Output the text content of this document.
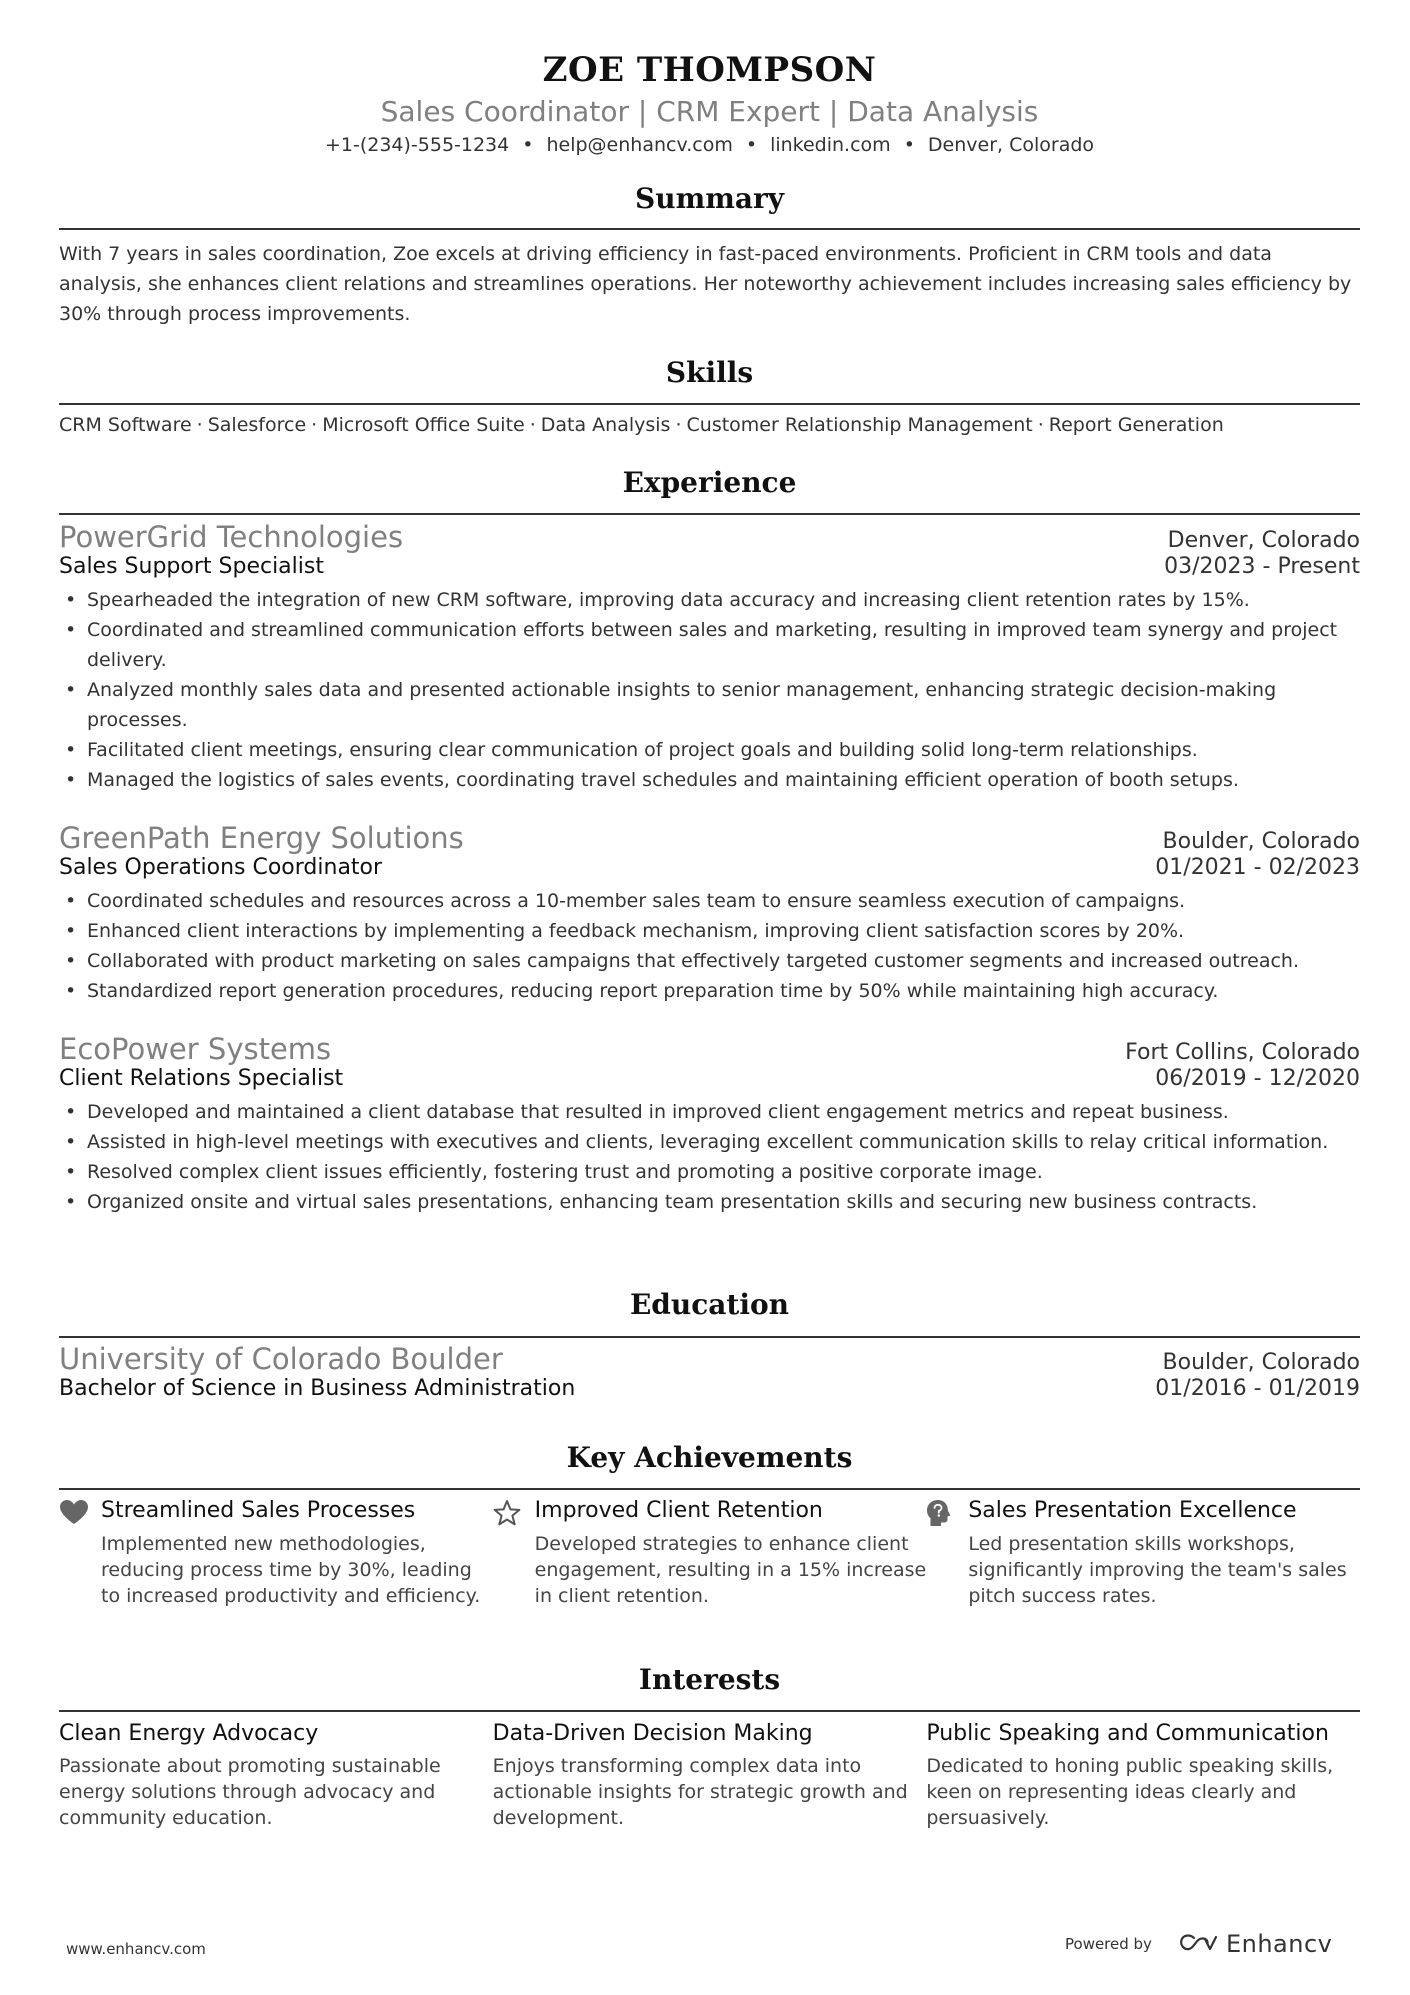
ZOE THOMPSON
Sales Coordinator | CRM Expert | Data Analysis
+1-(234)-555-1234 • help@enhancv.com • linkedin.com • Denver, Colorado
Summary
With 7 years in sales coordination, Zoe excels at driving efficiency in fast-paced environments. Proficient in CRM tools and data analysis, she enhances client relations and streamlines operations. Her noteworthy achievement includes increasing sales efficiency by 30% through process improvements.
Skills
CRM Software · Salesforce · Microsoft Office Suite · Data Analysis · Customer Relationship Management · Report Generation
Experience
PowerGrid Technologies	Denver, Colorado
Sales Support Specialist	03/2023 - Present
• Spearheaded the integration of new CRM software, improving data accuracy and increasing client retention rates by 15%.
• Coordinated and streamlined communication efforts between sales and marketing, resulting in improved team synergy and project delivery.
• Analyzed monthly sales data and presented actionable insights to senior management, enhancing strategic decision-making processes.
• Facilitated client meetings, ensuring clear communication of project goals and building solid long-term relationships.
• Managed the logistics of sales events, coordinating travel schedules and maintaining efficient operation of booth setups.
GreenPath Energy Solutions	Boulder, Colorado
Sales Operations Coordinator	01/2021 - 02/2023
• Coordinated schedules and resources across a 10-member sales team to ensure seamless execution of campaigns.
• Enhanced client interactions by implementing a feedback mechanism, improving client satisfaction scores by 20%.
• Collaborated with product marketing on sales campaigns that effectively targeted customer segments and increased outreach.
• Standardized report generation procedures, reducing report preparation time by 50% while maintaining high accuracy.
EcoPower Systems	Fort Collins, Colorado
Client Relations Specialist	06/2019 - 12/2020
• Developed and maintained a client database that resulted in improved client engagement metrics and repeat business.
• Assisted in high-level meetings with executives and clients, leveraging excellent communication skills to relay critical information.
• Resolved complex client issues efficiently, fostering trust and promoting a positive corporate image.
• Organized onsite and virtual sales presentations, enhancing team presentation skills and securing new business contracts.
Education
University of Colorado Boulder	Boulder, Colorado
Bachelor of Science in Business Administration	01/2016 - 01/2019
Key Achievements
Streamlined Sales Processes
Implemented new methodologies, reducing process time by 30%, leading to increased productivity and efficiency.
Improved Client Retention
Developed strategies to enhance client engagement, resulting in a 15% increase in client retention.
Sales Presentation Excellence
Led presentation skills workshops, significantly improving the team's sales pitch success rates.
Interests
Clean Energy Advocacy
Passionate about promoting sustainable energy solutions through advocacy and community education.
Data-Driven Decision Making
Enjoys transforming complex data into actionable insights for strategic growth and development.
Public Speaking and Communication
Dedicated to honing public speaking skills, keen on representing ideas clearly and persuasively.
www.enhancv.com	Powered by	Enhancv
